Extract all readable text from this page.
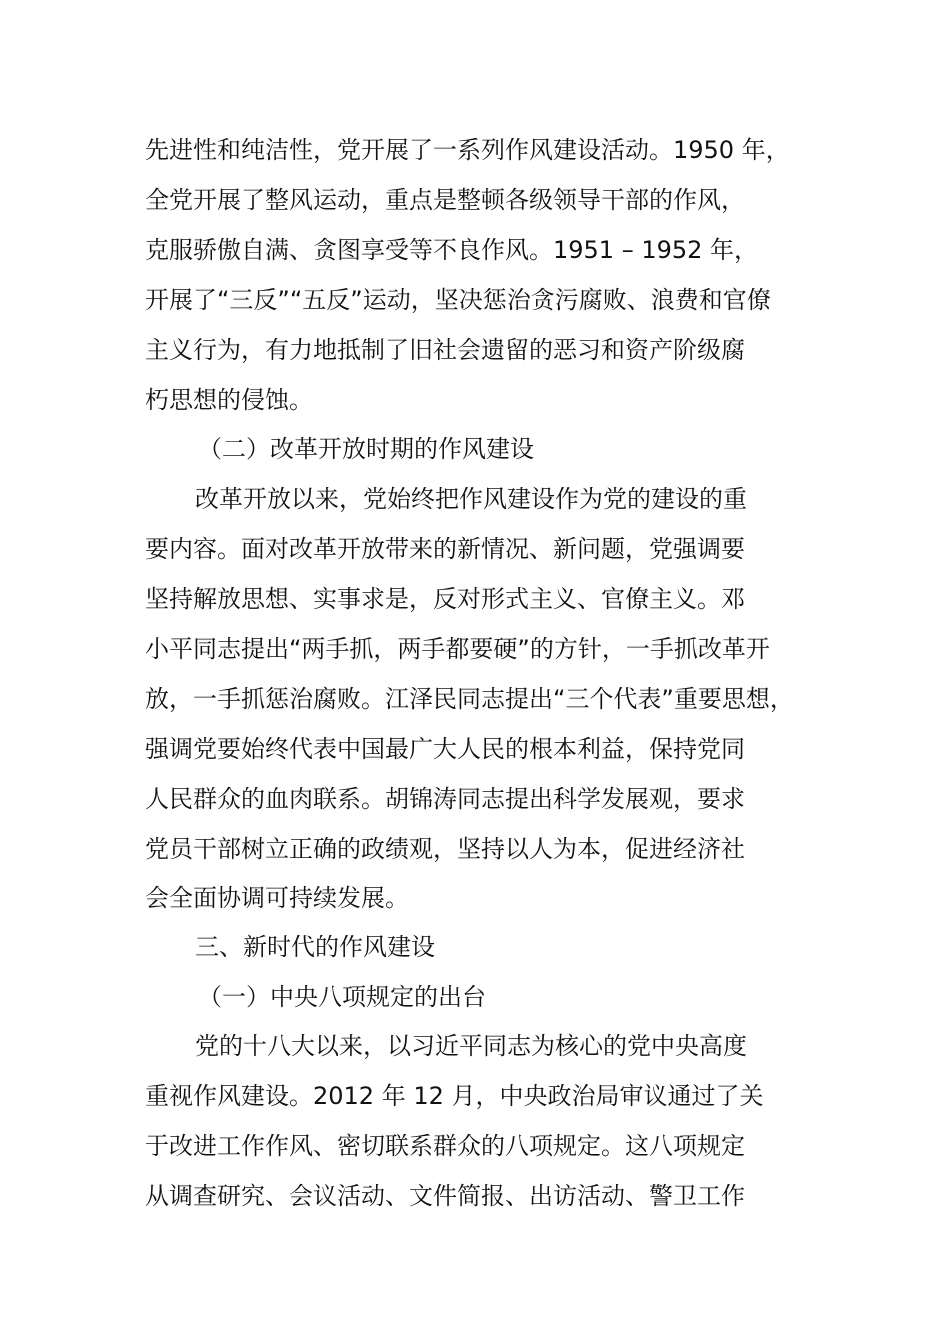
先进性和纯洁性，党开展了一系列作风建设活动。1950 年，
全党开展了整风运动，重点是整顿各级领导干部的作风，
克服骄傲自满、贪图享受等不良作风。1951 – 1952 年，
开展了“三反”“五反”运动，坚决惩治贪污腐败、浪费和官僚
主义行为，有力地抵制了旧社会遗留的恶习和资产阶级腐
朽思想的侵蚀。
（二）改革开放时期的作风建设
改革开放以来，党始终把作风建设作为党的建设的重
要内容。面对改革开放带来的新情况、新问题，党强调要
坚持解放思想、实事求是，反对形式主义、官僚主义。邓
小平同志提出“两手抓，两手都要硬”的方针，一手抓改革开
放，一手抓惩治腐败。江泽民同志提出“三个代表”重要思想，
强调党要始终代表中国最广大人民的根本利益，保持党同
人民群众的血肉联系。胡锦涛同志提出科学发展观，要求
党员干部树立正确的政绩观，坚持以人为本，促进经济社
会全面协调可持续发展。
三、新时代的作风建设
（一）中央八项规定的出台
党的十八大以来，以习近平同志为核心的党中央高度
重视作风建设。2012 年 12 月，中央政治局审议通过了关
于改进工作作风、密切联系群众的八项规定。这八项规定
从调查研究、会议活动、文件简报、出访活动、警卫工作
